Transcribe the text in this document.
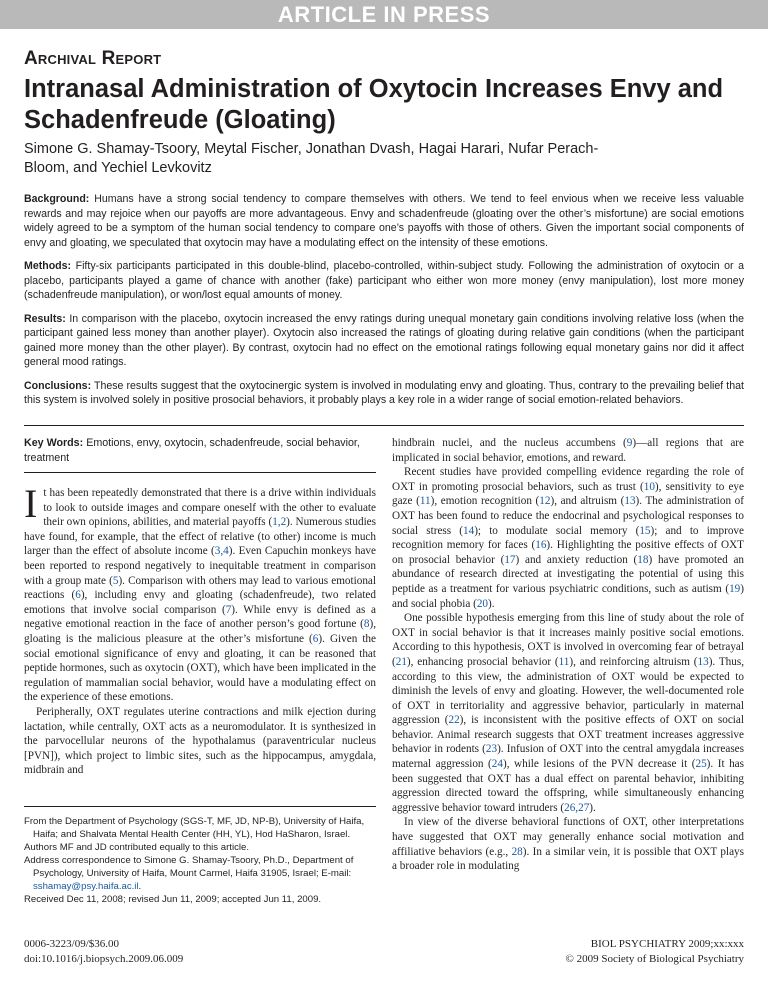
ARTICLE IN PRESS
Archival Report
Intranasal Administration of Oxytocin Increases Envy and Schadenfreude (Gloating)
Simone G. Shamay-Tsoory, Meytal Fischer, Jonathan Dvash, Hagai Harari, Nufar Perach-Bloom, and Yechiel Levkovitz

Background: Humans have a strong social tendency to compare themselves with others. We tend to feel envious when we receive less valuable rewards and may rejoice when our payoffs are more advantageous. Envy and schadenfreude (gloating over the other’s misfortune) are social emotions widely agreed to be a symptom of the human social tendency to compare one’s payoffs with those of others. Given the important social components of envy and gloating, we speculated that oxytocin may have a modulating effect on the intensity of these emotions.

Methods: Fifty-six participants participated in this double-blind, placebo-controlled, within-subject study. Following the administration of oxytocin or a placebo, participants played a game of chance with another (fake) participant who either won more money (envy manipulation), lost more money (schadenfreude manipulation), or won/lost equal amounts of money.

Results: In comparison with the placebo, oxytocin increased the envy ratings during unequal monetary gain conditions involving relative loss (when the participant gained less money than another player). Oxytocin also increased the ratings of gloating during relative gain conditions (when the participant gained more money than the other player). By contrast, oxytocin had no effect on the emotional ratings following equal monetary gains nor did it affect general mood ratings.

Conclusions: These results suggest that the oxytocinergic system is involved in modulating envy and gloating. Thus, contrary to the prevailing belief that this system is involved solely in positive prosocial behaviors, it probably plays a key role in a wider range of social emotion-related behaviors.

Key Words: Emotions, envy, oxytocin, schadenfreude, social behavior, treatment

It has been repeatedly demonstrated that there is a drive within individuals to look to outside images and compare oneself with the other to evaluate their own opinions, abilities, and material payoffs (1,2). Numerous studies have found, for example, that the effect of relative (to other) income is much larger than the effect of absolute income (3,4). Even Capuchin monkeys have been reported to respond negatively to inequitable treatment in comparison with a group mate (5). Comparison with others may lead to various emotional reactions (6), including envy and gloating (schadenfreude), two related emotions that involve social comparison (7). While envy is defined as a negative emotional reaction in the face of another person’s good fortune (8), gloating is the malicious pleasure at the other’s misfortune (6). Given the social emotional significance of envy and gloating, it can be reasoned that peptide hormones, such as oxytocin (OXT), which have been implicated in the regulation of mammalian social behavior, would have a modulating effect on the experience of these emotions.

Peripherally, OXT regulates uterine contractions and milk ejection during lactation, while centrally, OXT acts as a neuromodulator. It is synthesized in the parvocellular neurons of the hypothalamus (paraventricular nucleus [PVN]), which project to limbic sites, such as the hippocampus, amygdala, midbrain and

From the Department of Psychology (SGS-T, MF, JD, NP-B), University of Haifa, Haifa; and Shalvata Mental Health Center (HH, YL), Hod HaSharon, Israel.

Authors MF and JD contributed equally to this article.

Address correspondence to Simone G. Shamay-Tsoory, Ph.D., Department of Psychology, University of Haifa, Mount Carmel, Haifa 31905, Israel; E-mail: sshamay@psy.haifa.ac.il.

Received Dec 11, 2008; revised Jun 11, 2009; accepted Jun 11, 2009.

hindbrain nuclei, and the nucleus accumbens (9)—all regions that are implicated in social behavior, emotions, and reward.

Recent studies have provided compelling evidence regarding the role of OXT in promoting prosocial behaviors, such as trust (10), sensitivity to eye gaze (11), emotion recognition (12), and altruism (13). The administration of OXT has been found to reduce the endocrinal and psychological responses to social stress (14); to modulate social memory (15); and to improve recognition memory for faces (16). Highlighting the positive effects of OXT on prosocial behavior (17) and anxiety reduction (18) have promoted an abundance of research directed at investigating the potential of using this peptide as a treatment for various psychiatric conditions, such as autism (19) and social phobia (20).

One possible hypothesis emerging from this line of study about the role of OXT in social behavior is that it increases mainly positive social emotions. According to this hypothesis, OXT is involved in overcoming fear of betrayal (21), enhancing prosocial behavior (11), and reinforcing altruism (13). Thus, according to this view, the administration of OXT would be expected to diminish the levels of envy and gloating. However, the well-documented role of OXT in territoriality and aggressive behavior, particularly in maternal aggression (22), is inconsistent with the positive effects of OXT on social behavior. Animal research suggests that OXT treatment increases aggressive behavior in rodents (23). Infusion of OXT into the central amygdala increases maternal aggression (24), while lesions of the PVN decrease it (25). It has been suggested that OXT has a dual effect on parental behavior, inhibiting aggression directed toward the offspring, while simultaneously enhancing aggressive behavior toward intruders (26,27).

In view of the diverse behavioral functions of OXT, other interpretations have suggested that OXT may generally enhance social motivation and affiliative behaviors (e.g., 28). In a similar vein, it is possible that OXT plays a broader role in modulating

0006-3223/09/$36.00
doi:10.1016/j.biopsych.2009.06.009
BIOL PSYCHIATRY 2009;xx:xxx
© 2009 Society of Biological Psychiatry
